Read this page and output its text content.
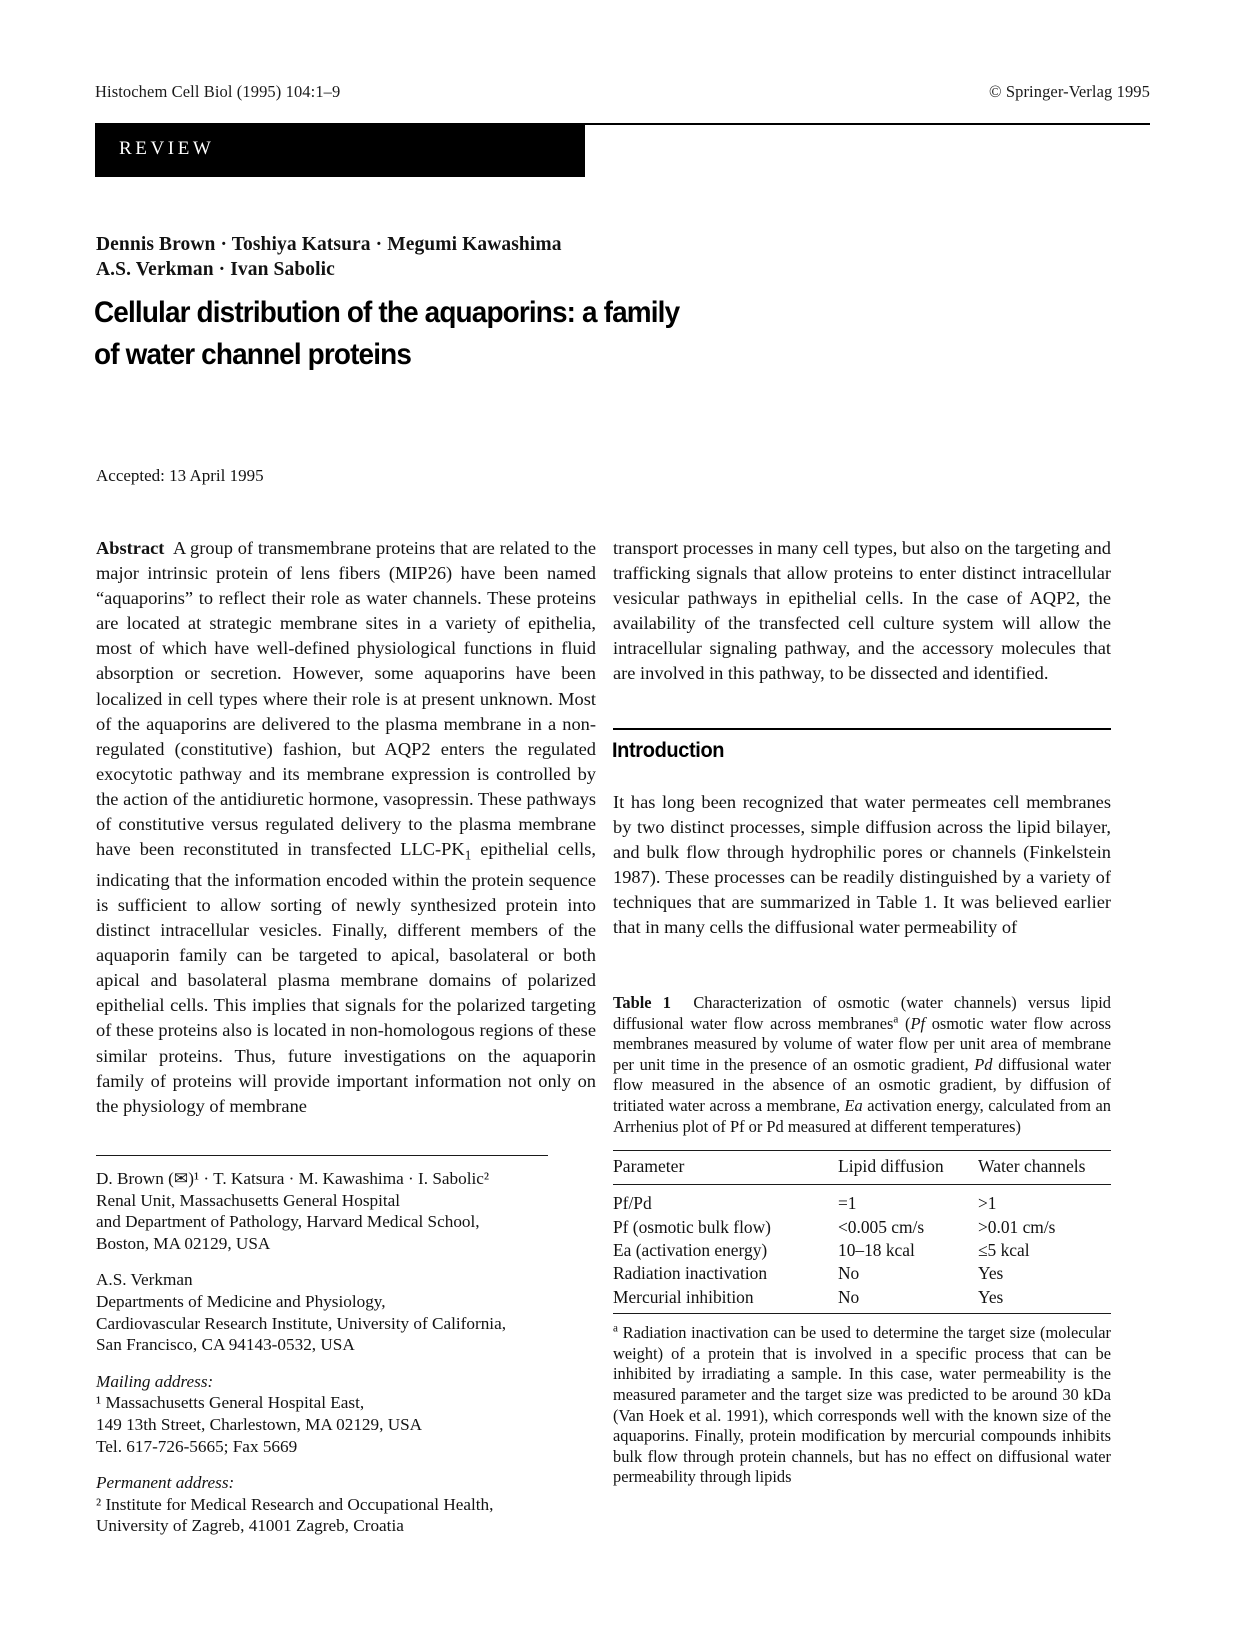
Histochem Cell Biol (1995) 104:1–9	© Springer-Verlag 1995
REVIEW
Dennis Brown · Toshiya Katsura · Megumi Kawashima
A.S. Verkman · Ivan Sabolic
Cellular distribution of the aquaporins: a family
of water channel proteins
Accepted: 13 April 1995

Abstract A group of transmembrane proteins that are related to the major intrinsic protein of lens fibers (MIP26) have been named “aquaporins” to reflect their role as water channels. These proteins are located at strategic membrane sites in a variety of epithelia, most of which have well-defined physiological functions in fluid absorption or secretion. However, some aquaporins have been localized in cell types where their role is at present unknown. Most of the aquaporins are delivered to the plasma membrane in a non-regulated (constitutive) fashion, but AQP2 enters the regulated exocytotic pathway and its membrane expression is controlled by the action of the antidiuretic hormone, vasopressin. These pathways of constitutive versus regulated delivery to the plasma membrane have been reconstituted in transfected LLC-$PK_1$ epithelial cells, indicating that the information encoded within the protein sequence is sufficient to allow sorting of newly synthesized protein into distinct intracellular vesicles. Finally, different members of the aquaporin family can be targeted to apical, basolateral or both apical and basolateral plasma membrane domains of polarized epithelial cells. This implies that signals for the polarized targeting of these proteins also is located in non-homologous regions of these similar proteins. Thus, future investigations on the aquaporin family of proteins will provide important information not only on the physiology of membrane

D. Brown (✉)¹ · T. Katsura · M. Kawashima · I. Sabolic²
Renal Unit, Massachusetts General Hospital
and Department of Pathology, Harvard Medical School,
Boston, MA 02129, USA
A.S. Verkman
Departments of Medicine and Physiology,
Cardiovascular Research Institute, University of California,
San Francisco, CA 94143-0532, USA
Mailing address:
¹ Massachusetts General Hospital East,
149 13th Street, Charlestown, MA 02129, USA
Tel. 617-726-5665; Fax 5669
Permanent address:
² Institute for Medical Research and Occupational Health,
University of Zagreb, 41001 Zagreb, Croatia

transport processes in many cell types, but also on the targeting and trafficking signals that allow proteins to enter distinct intracellular vesicular pathways in epithelial cells. In the case of AQP2, the availability of the transfected cell culture system will allow the intracellular signaling pathway, and the accessory molecules that are involved in this pathway, to be dissected and identified.

Introduction

It has long been recognized that water permeates cell membranes by two distinct processes, simple diffusion across the lipid bilayer, and bulk flow through hydrophilic pores or channels (Finkelstein 1987). These processes can be readily distinguished by a variety of techniques that are summarized in Table 1. It was believed earlier that in many cells the diffusional water permeability of

Table 1 Characterization of osmotic (water channels) versus lipid diffusional water flow across membranes$^a$ (Pf osmotic water flow across membranes measured by volume of water flow per unit area of membrane per unit time in the presence of an osmotic gradient, Pd diffusional water flow measured in the absence of an osmotic gradient, by diffusion of tritiated water across a membrane, Ea activation energy, calculated from an Arrhenius plot of Pf or Pd measured at different temperatures)

Parameter	Lipid diffusion	Water channels
Pf/Pd	=1	>1
Pf (osmotic bulk flow)	<0.005 cm/s	>0.01 cm/s
Ea (activation energy)	10–18 kcal	≤5 kcal
Radiation inactivation	No	Yes
Mercurial inhibition	No	Yes

$^a$ Radiation inactivation can be used to determine the target size (molecular weight) of a protein that is involved in a specific process that can be inhibited by irradiating a sample. In this case, water permeability is the measured parameter and the target size was predicted to be around 30 kDa (Van Hoek et al. 1991), which corresponds well with the known size of the aquaporins. Finally, protein modification by mercurial compounds inhibits bulk flow through protein channels, but has no effect on diffusional water permeability through lipids
